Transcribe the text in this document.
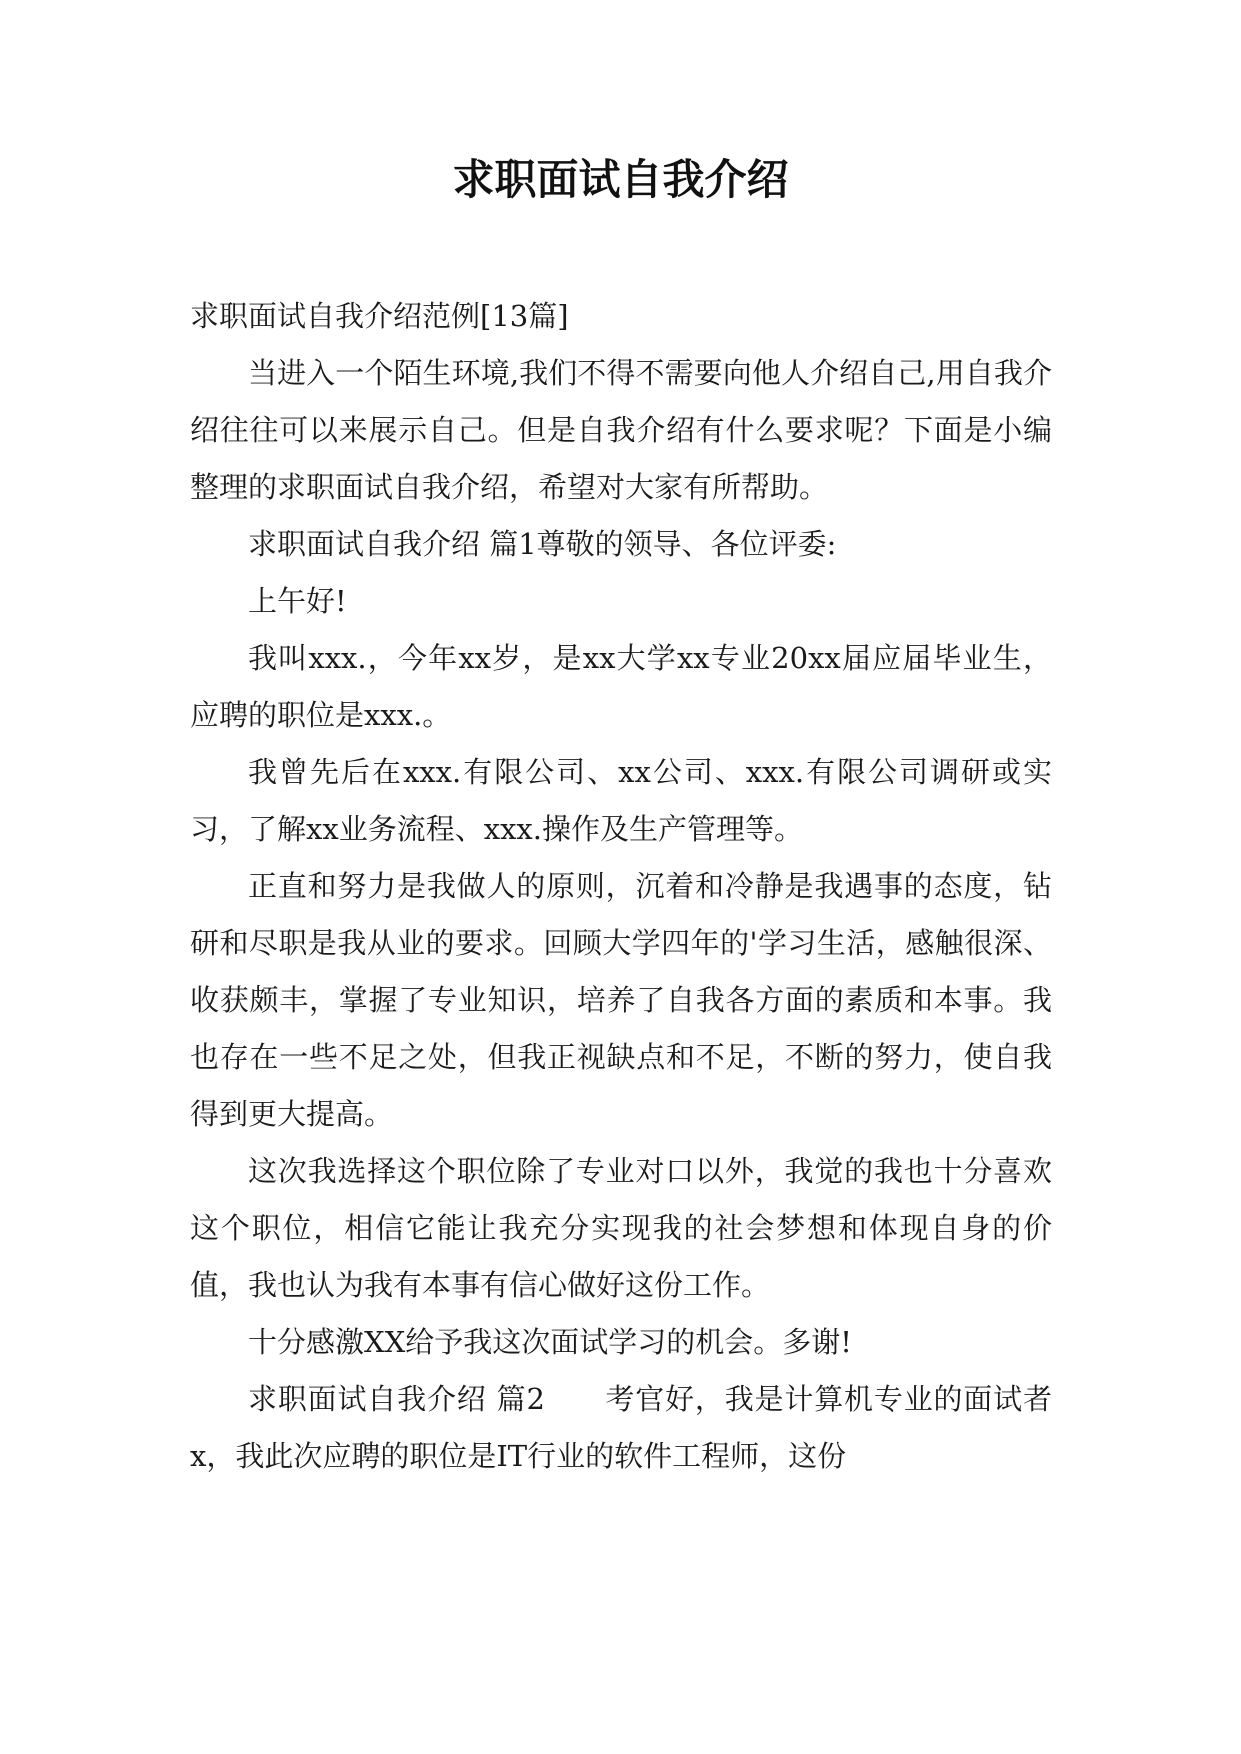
求职面试自我介绍

求职面试自我介绍范例[13篇]

当进入一个陌生环境,我们不得不需要向他人介绍自己,用自我介绍往往可以来展示自己。但是自我介绍有什么要求呢？下面是小编整理的求职面试自我介绍，希望对大家有所帮助。

求职面试自我介绍 篇1尊敬的领导、各位评委:

上午好!

我叫xxx.，今年xx岁，是xx大学xx专业20xx届应届毕业生，应聘的职位是xxx.。

我曾先后在xxx.有限公司、xx公司、xxx.有限公司调研或实习，了解xx业务流程、xxx.操作及生产管理等。

正直和努力是我做人的原则，沉着和冷静是我遇事的态度，钻研和尽职是我从业的要求。回顾大学四年的'学习生活，感触很深、收获颇丰，掌握了专业知识，培养了自我各方面的素质和本事。我也存在一些不足之处，但我正视缺点和不足，不断的努力，使自我得到更大提高。

这次我选择这个职位除了专业对口以外，我觉的我也十分喜欢这个职位，相信它能让我充分实现我的社会梦想和体现自身的价值，我也认为我有本事有信心做好这份工作。

十分感激XX给予我这次面试学习的机会。多谢!

求职面试自我介绍 篇2　　考官好，我是计算机专业的面试者x，我此次应聘的职位是IT行业的软件工程师，这份
